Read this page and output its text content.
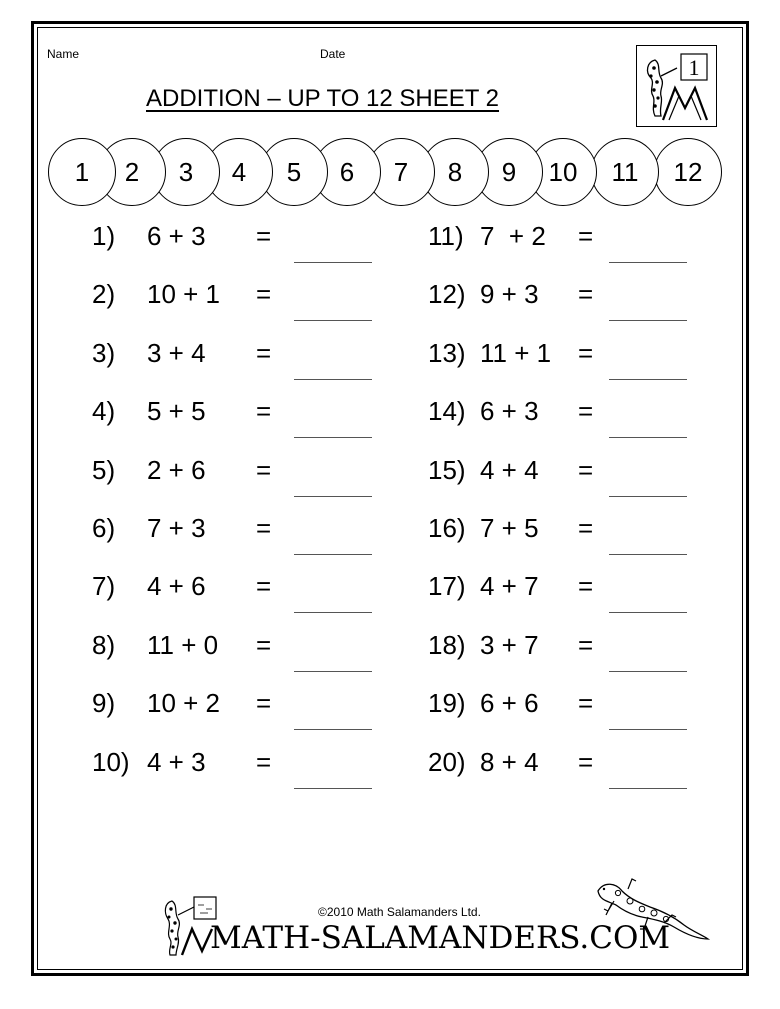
Name	Date
ADDITION – UP TO 12 SHEET 2
1
1	2	3	4	5	6	7	8	9	10	11	12
1) 6 + 3 =
2) 10 + 1 =
3) 3 + 4 =
4) 5 + 5 =
5) 2 + 6 =
6) 7 + 3 =
7) 4 + 6 =
8) 11 + 0 =
9) 10 + 2 =
10) 4 + 3 =
11) 7  + 2 =
12) 9 + 3 =
13) 11 + 1 =
14) 6 + 3 =
15) 4 + 4 =
16) 7 + 5 =
17) 4 + 7 =
18) 3 + 7 =
19) 6 + 6 =
20) 8 + 4 =
©2010 Math Salamanders Ltd.
MATH-SALAMANDERS.COM
